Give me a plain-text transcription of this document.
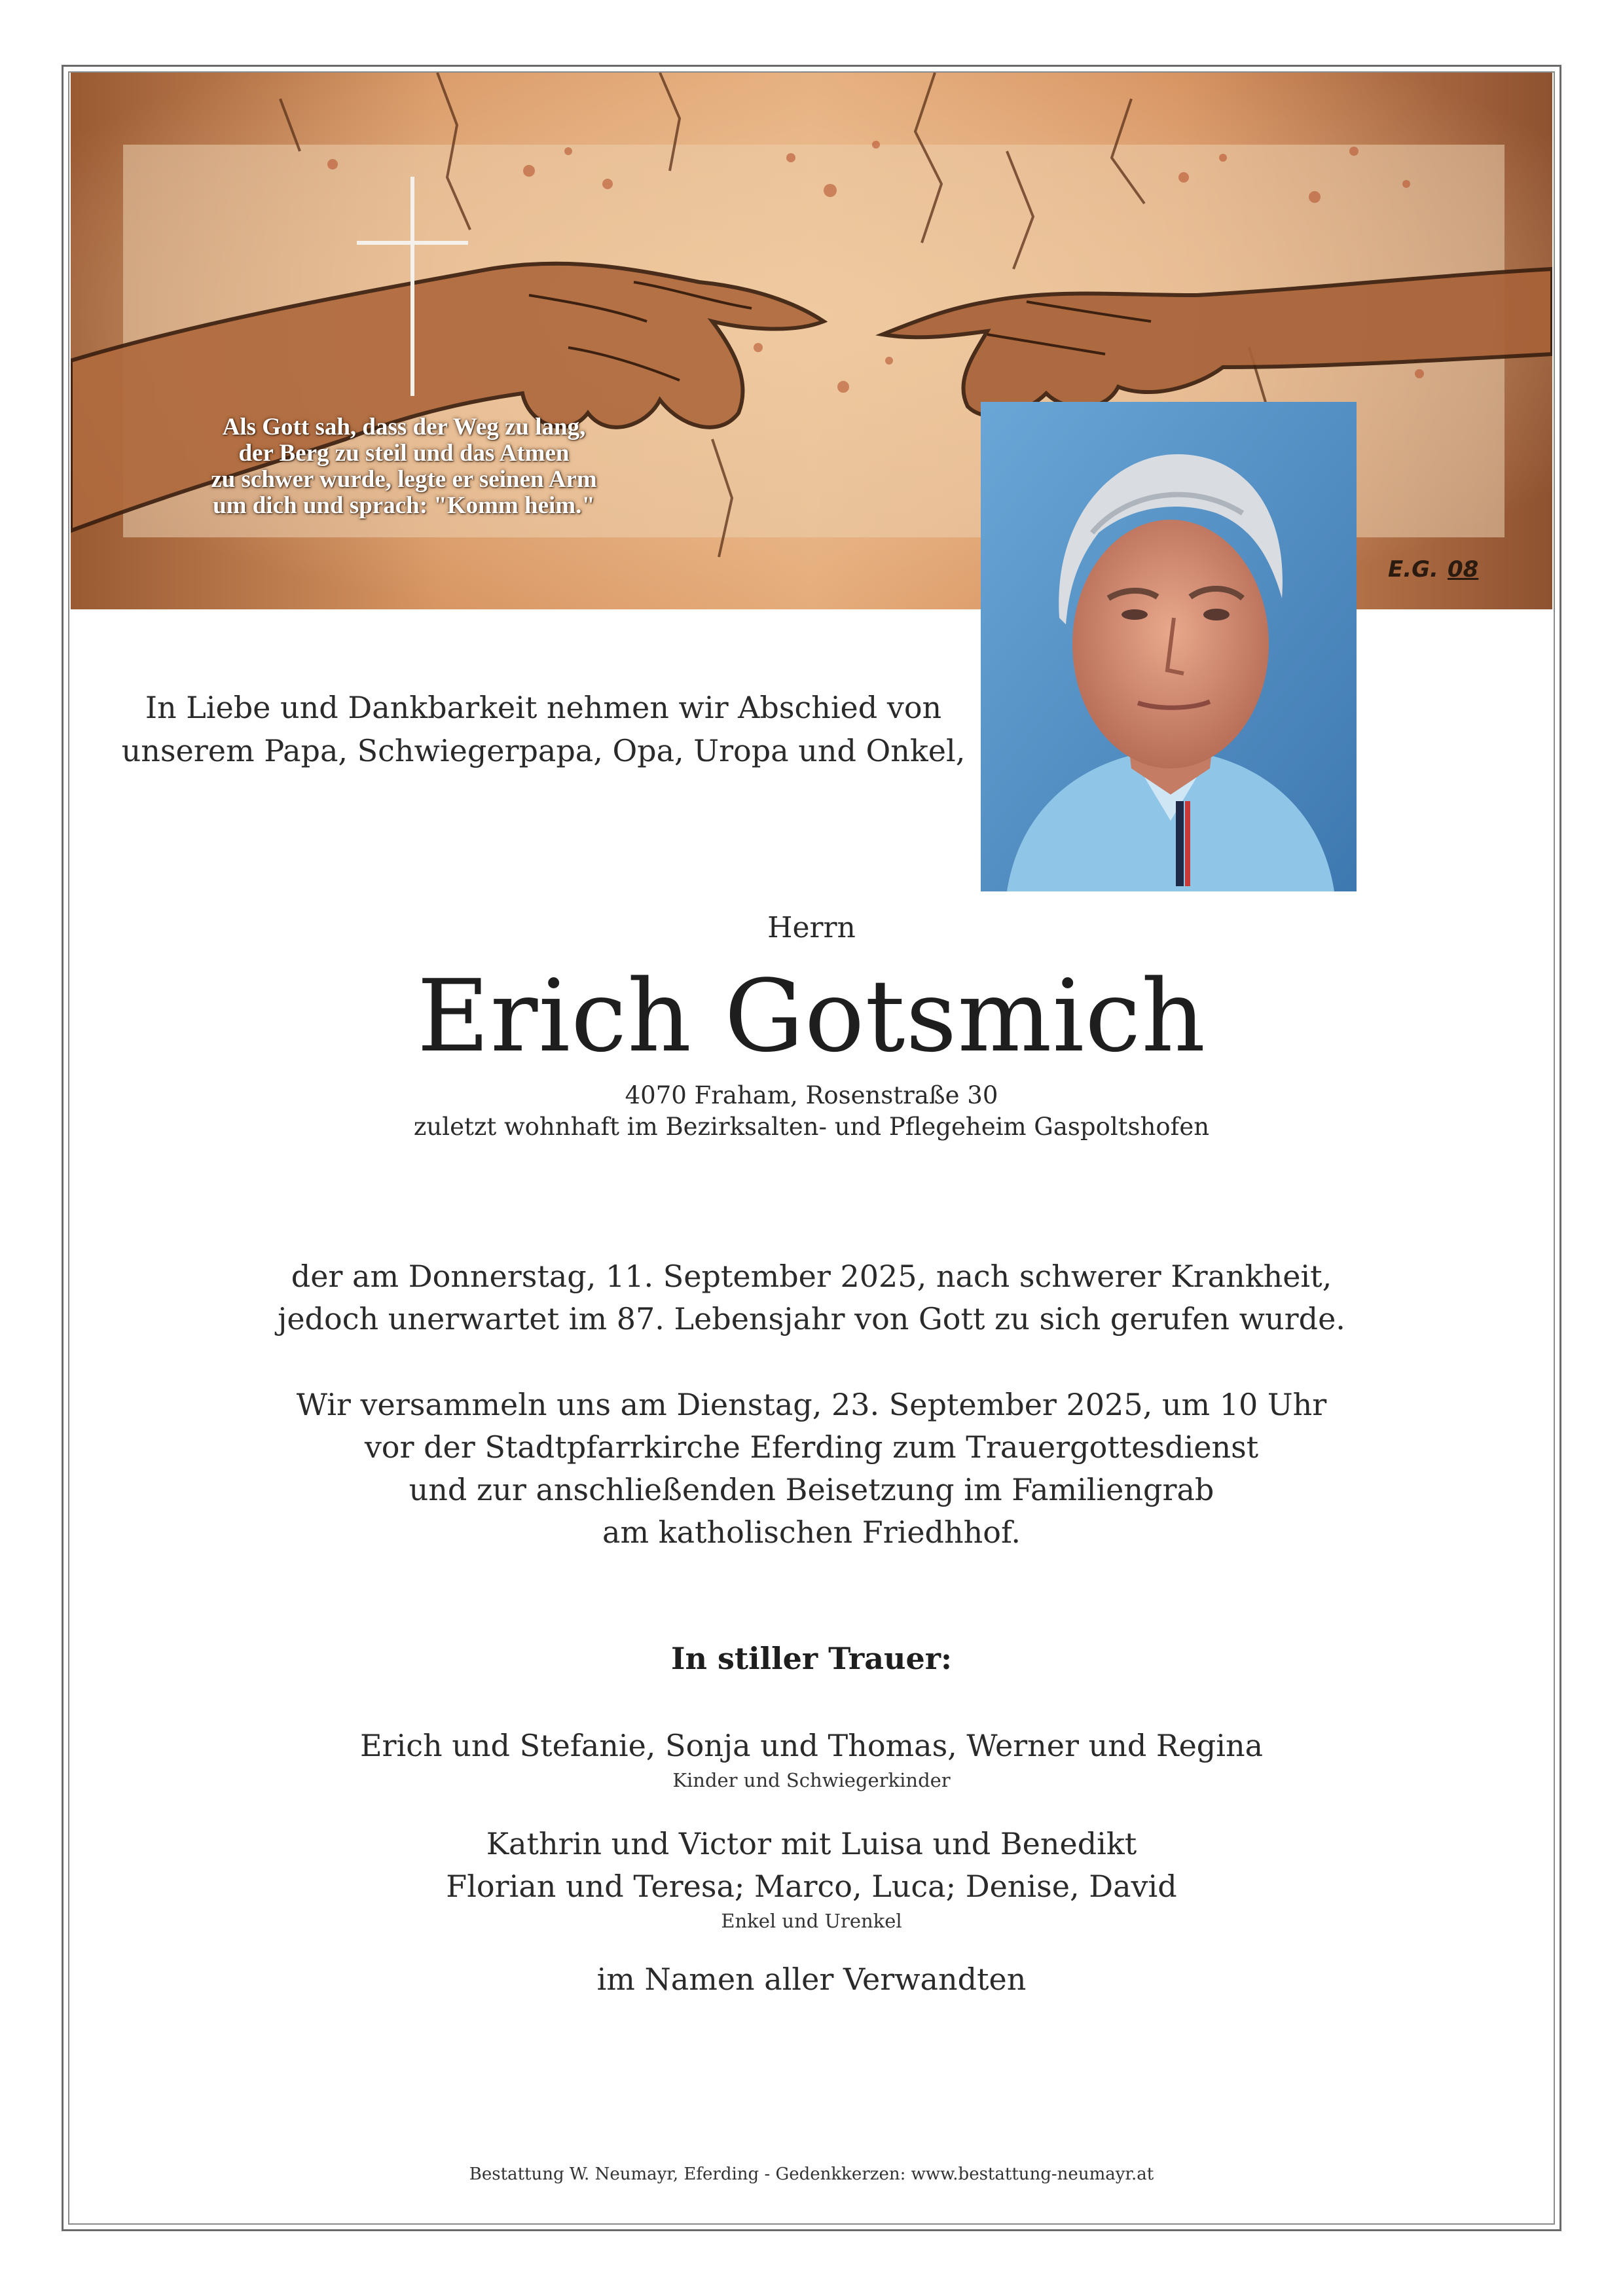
Als Gott sah, dass der Weg zu lang,
der Berg zu steil und das Atmen
zu schwer wurde, legte er seinen Arm
um dich und sprach: "Komm heim."
E.G. 08
In Liebe und Dankbarkeit nehmen wir Abschied von
unserem Papa, Schwiegerpapa, Opa, Uropa und Onkel,
Herrn
Erich Gotsmich
4070 Fraham, Rosenstraße 30
zuletzt wohnhaft im Bezirksalten- und Pflegeheim Gaspoltshofen
der am Donnerstag, 11. September 2025, nach schwerer Krankheit,
jedoch unerwartet im 87. Lebensjahr von Gott zu sich gerufen wurde.
Wir versammeln uns am Dienstag, 23. September 2025, um 10 Uhr
vor der Stadtpfarrkirche Eferding zum Trauergottesdienst
und zur anschließenden Beisetzung im Familiengrab
am katholischen Friedhhof.
In stiller Trauer:
Erich und Stefanie, Sonja und Thomas, Werner und Regina
Kinder und Schwiegerkinder
Kathrin und Victor mit Luisa und Benedikt
Florian und Teresa; Marco, Luca; Denise, David
Enkel und Urenkel
im Namen aller Verwandten
Bestattung W. Neumayr, Eferding - Gedenkkerzen: www.bestattung-neumayr.at
